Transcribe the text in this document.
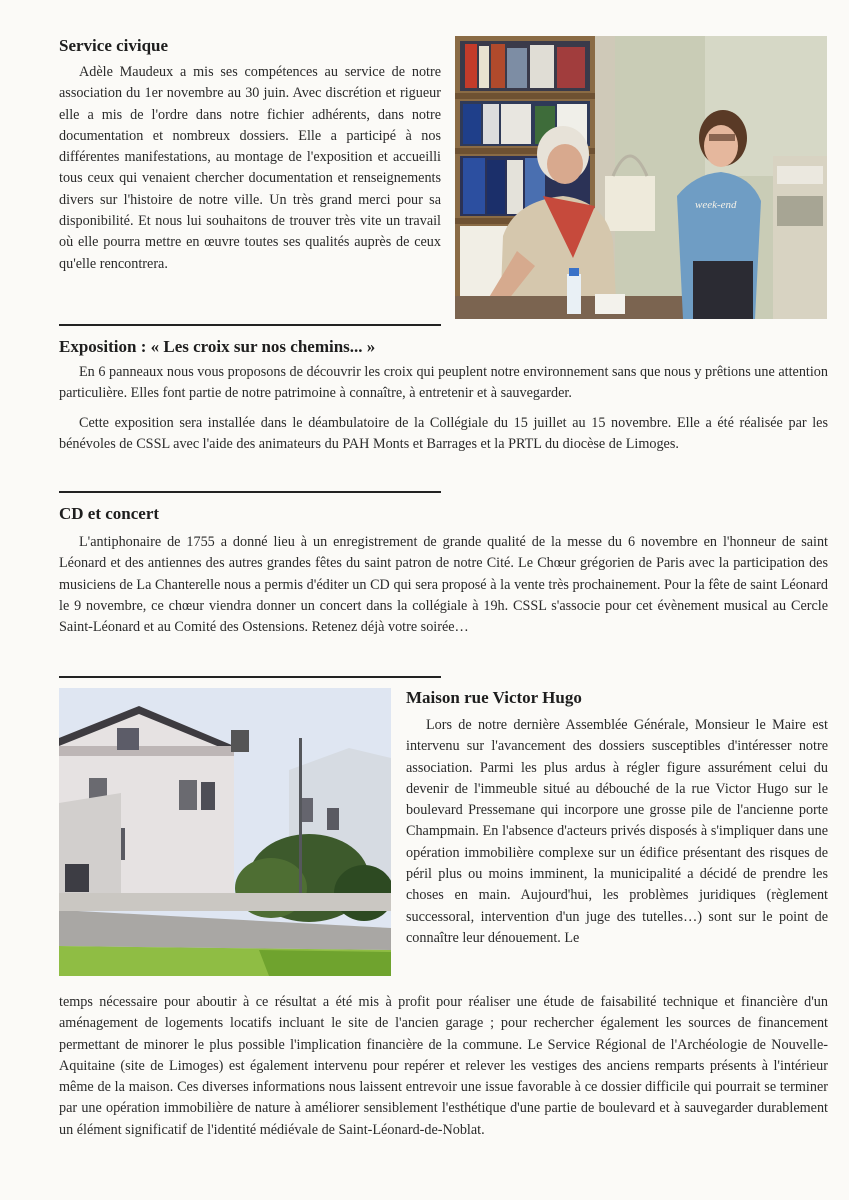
Service civique

Adèle Maudeux a mis ses compétences au service de notre association du 1er novembre au 30 juin. Avec discrétion et rigueur elle a mis de l'ordre dans notre fichier adhérents, dans notre documentation et nombreux dossiers. Elle a participé à nos différentes manifestations, au montage de l'exposition et accueilli tous ceux qui venaient chercher documentation et renseignements divers sur l'histoire de notre ville. Un très grand merci pour sa disponibilité. Et nous lui souhaitons de trouver très vite un travail où elle pourra mettre en œuvre toutes ses qualités auprès de ceux qu'elle rencontrera.

week-end
Exposition : « Les croix sur nos chemins... »

En 6 panneaux nous vous proposons de découvrir les croix qui peuplent notre environnement sans que nous y prêtions une attention particulière. Elles font partie de notre patrimoine à connaître, à entretenir et à sauvegarder.

Cette exposition sera installée dans le déambulatoire de la Collégiale du 15 juillet au 15 novembre. Elle a été réalisée par les bénévoles de CSSL avec l'aide des animateurs du PAH Monts et Barrages et la PRTL du diocèse de Limoges.

CD et concert

L'antiphonaire de 1755 a donné lieu à un enregistrement de grande qualité de la messe du 6 novembre en l'honneur de saint Léonard et des antiennes des autres grandes fêtes du saint patron de notre Cité. Le Chœur grégorien de Paris avec la participation des musiciens de La Chanterelle nous a permis d'éditer un CD qui sera proposé à la vente très prochainement. Pour la fête de saint Léonard le 9 novembre, ce chœur viendra donner un concert dans la collégiale à 19h. CSSL s'associe pour cet évènement musical au Cercle Saint-Léonard et au Comité des Ostensions. Retenez déjà votre soirée…

Maison rue Victor Hugo

Lors de notre dernière Assemblée Générale, Monsieur le Maire est intervenu sur l'avancement des dossiers susceptibles d'intéresser notre association. Parmi les plus ardus à régler figure assurément celui du devenir de l'immeuble situé au débouché de la rue Victor Hugo sur le boulevard Pressemane qui incorpore une grosse pile de l'ancienne porte Champmain. En l'absence d'acteurs privés disposés à s'impliquer dans une opération immobilière complexe sur un édifice présentant des risques de péril plus ou moins imminent, la municipalité a décidé de prendre les choses en main. Aujourd'hui, les problèmes juridiques (règlement successoral, intervention d'un juge des tutelles…) sont sur le point de connaître leur dénouement. Le

temps nécessaire pour aboutir à ce résultat a été mis à profit pour réaliser une étude de faisabilité technique et financière d'un aménagement de logements locatifs incluant le site de l'ancien garage ; pour rechercher également les sources de financement permettant de minorer le plus possible l'implication financière de la commune. Le Service Régional de l'Archéologie de Nouvelle-Aquitaine (site de Limoges) est également intervenu pour repérer et relever les vestiges des anciens remparts présents à l'intérieur même de la maison. Ces diverses informations nous laissent entrevoir une issue favorable à ce dossier difficile qui pourrait se terminer par une opération immobilière de nature à améliorer sensiblement l'esthétique d'une partie de boulevard et à sauvegarder durablement un élément significatif de l'identité médiévale de Saint-Léonard-de-Noblat.
